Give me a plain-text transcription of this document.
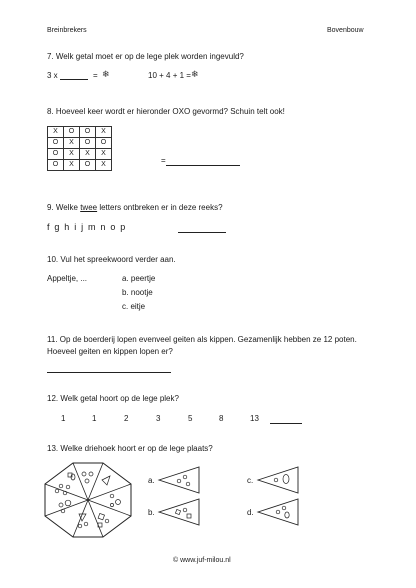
Breinbrekers	Bovenbouw
7. Welk getal moet er op de lege plek worden ingevuld?
3 x	= ❄	10 + 4 + 1 = ❄
8. Hoeveel keer wordt er hieronder OXO gevormd? Schuin telt ook!
X	O	O	X
O	X	O	O
O	X	X	X
O	X	O	X	=
9. Welke twee letters ontbreken er in deze reeks?
f g h i j m n o p
10. Vul het spreekwoord verder aan.
Appeltje, ...	a. peertje
b. nootje
c. eitje
11. Op de boerderij lopen evenveel geiten als kippen. Gezamenlijk hebben ze 12 poten.
Hoeveel geiten en kippen lopen er?
12. Welk getal hoort op de lege plek?
1	1	2	3	5	8	13
13. Welke driehoek hoort er op de lege plaats?
a.
b.
c.
d.
© www.juf-milou.nl
